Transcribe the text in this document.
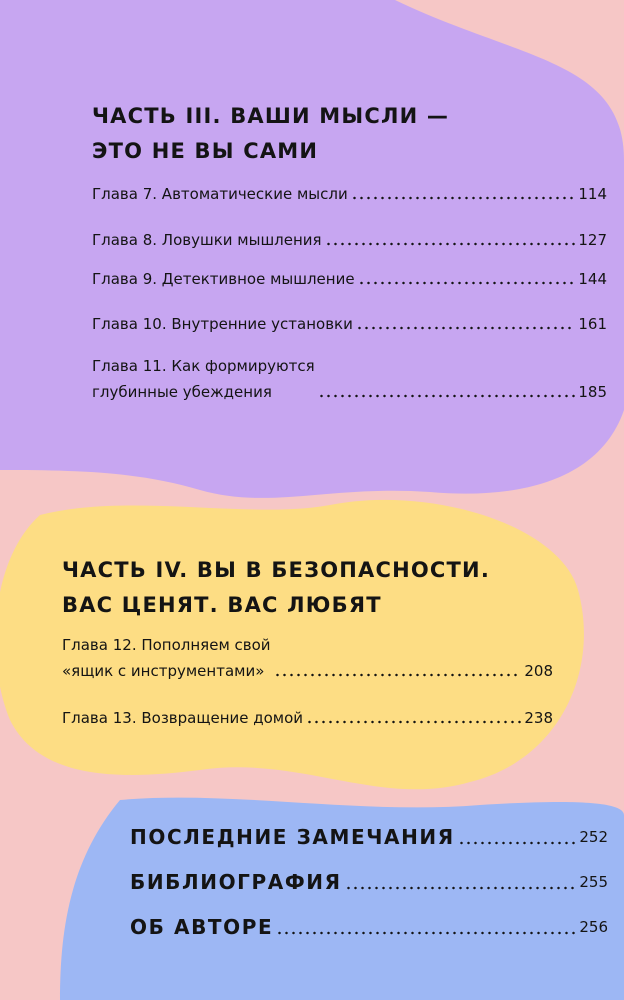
ЧАСТЬ III. ВАШИ МЫСЛИ —
ЭТО НЕ ВЫ САМИ
Глава 7. Автоматические мысли	114
Глава 8. Ловушки мышления	127
Глава 9. Детективное мышление	144
Глава 10. Внутренние установки	161
Глава 11. Как формируются
глубинные убеждения	185
ЧАСТЬ IV. ВЫ В БЕЗОПАСНОСТИ.
ВАС ЦЕНЯТ. ВАС ЛЮБЯТ
Глава 12. Пополняем свой
«ящик с инструментами»	208
Глава 13. Возвращение домой	238
ПОСЛЕДНИЕ ЗАМЕЧАНИЯ	252
БИБЛИОГРАФИЯ	255
ОБ АВТОРЕ	256
